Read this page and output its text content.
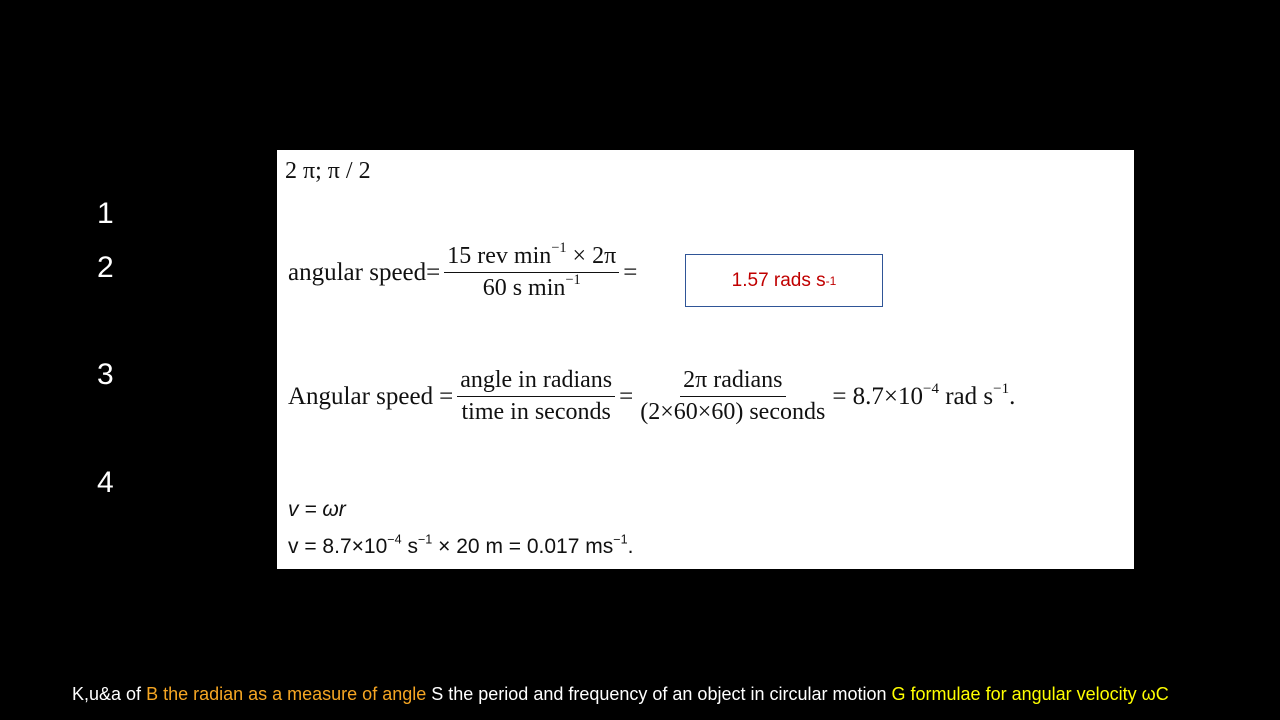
1
2
3
4
2 π; π / 2
angular speed = $\frac{15 rev \min^{-1} \times 2\pi}{60 s \min^{-1}}$ =	1.57 rads s -1
Angular speed = $\frac{\text{angle in radians}}{\text{time in seconds}} = \frac{\text{2π radians}}{\text{(2×60×60) seconds}} = 8.7\times 10^{-4}$ rad $s^{-1}$.
v = ωr
$v = 8.7\times 10^{-4}$ $s^{-1} \times 20$ m = 0.017 $ms^{-1}$.
K,u&a of B the radian as a measure of angle S the period and frequency of an object in circular motion G formulae for angular velocity ωC
